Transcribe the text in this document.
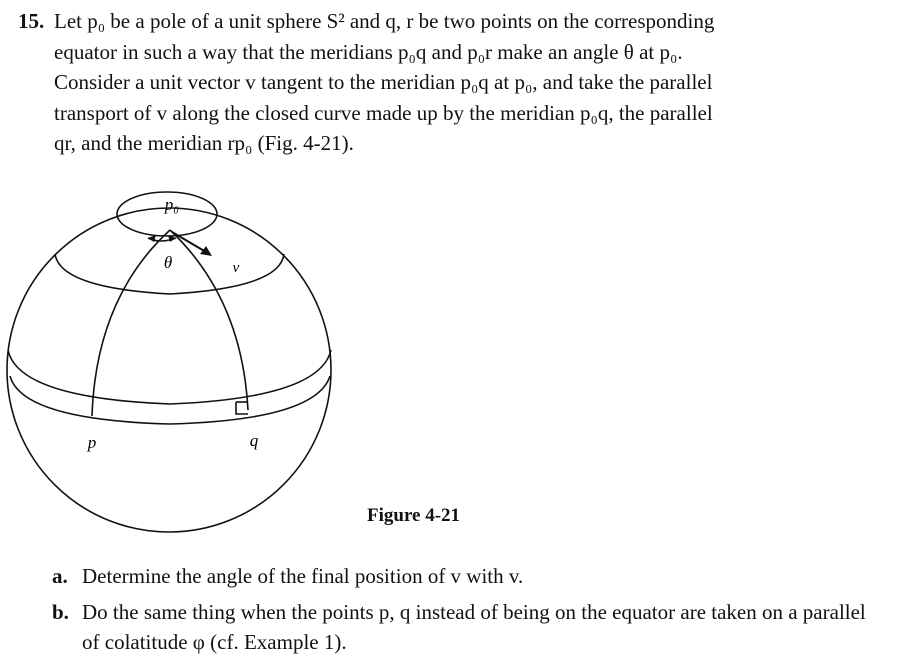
15. Let p₀ be a pole of a unit sphere S² and q, r be two points on the corresponding
equator in such a way that the meridians p₀q and p₀r make an angle θ at p₀.
Consider a unit vector v tangent to the meridian p₀q at p₀, and take the parallel
transport of v along the closed curve made up by the meridian p₀q, the parallel
qr, and the meridian rp₀ (Fig. 4-21).
p₀
θ	v
p	q
Figure 4-21
a. Determine the angle of the final position of v with v.
b. Do the same thing when the points p, q instead of being on the equator are taken on a parallel of colatitude φ (cf. Example 1).
